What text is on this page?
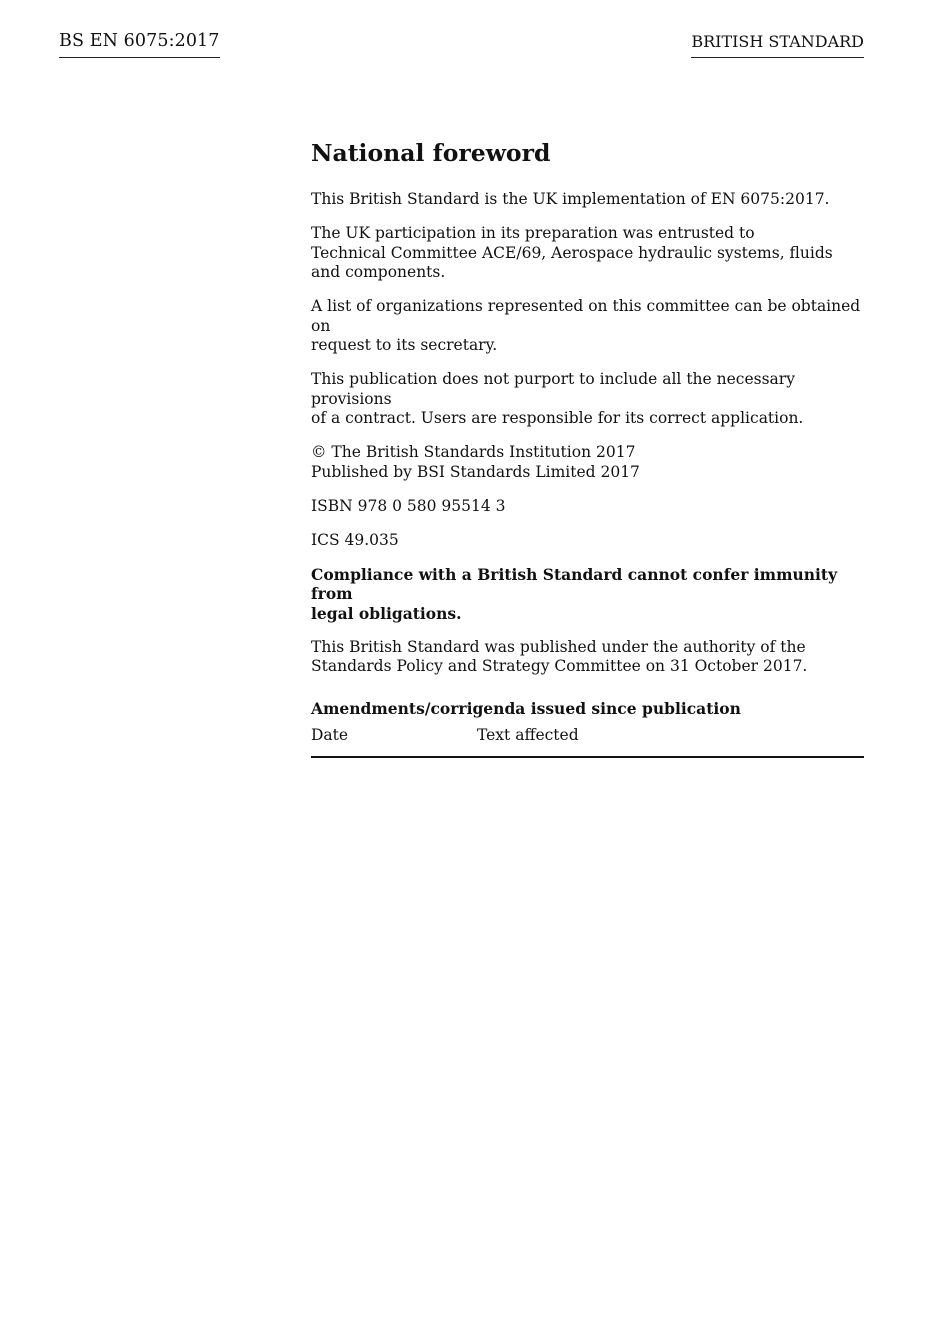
BS EN 6075:2017	BRITISH STANDARD
National foreword

This British Standard is the UK implementation of EN 6075:2017.

The UK participation in its preparation was entrusted to
Technical Committee ACE/69, Aerospace hydraulic systems, fluids
and components.

A list of organizations represented on this committee can be obtained on
request to its secretary.

This publication does not purport to include all the necessary provisions
of a contract. Users are responsible for its correct application.

© The British Standards Institution 2017
Published by BSI Standards Limited 2017

ISBN 978 0 580 95514 3

ICS 49.035

Compliance with a British Standard cannot confer immunity from
legal obligations.

This British Standard was published under the authority of the
Standards Policy and Strategy Committee on 31 October 2017.

Amendments/corrigenda issued since publication
Date	Text affected
